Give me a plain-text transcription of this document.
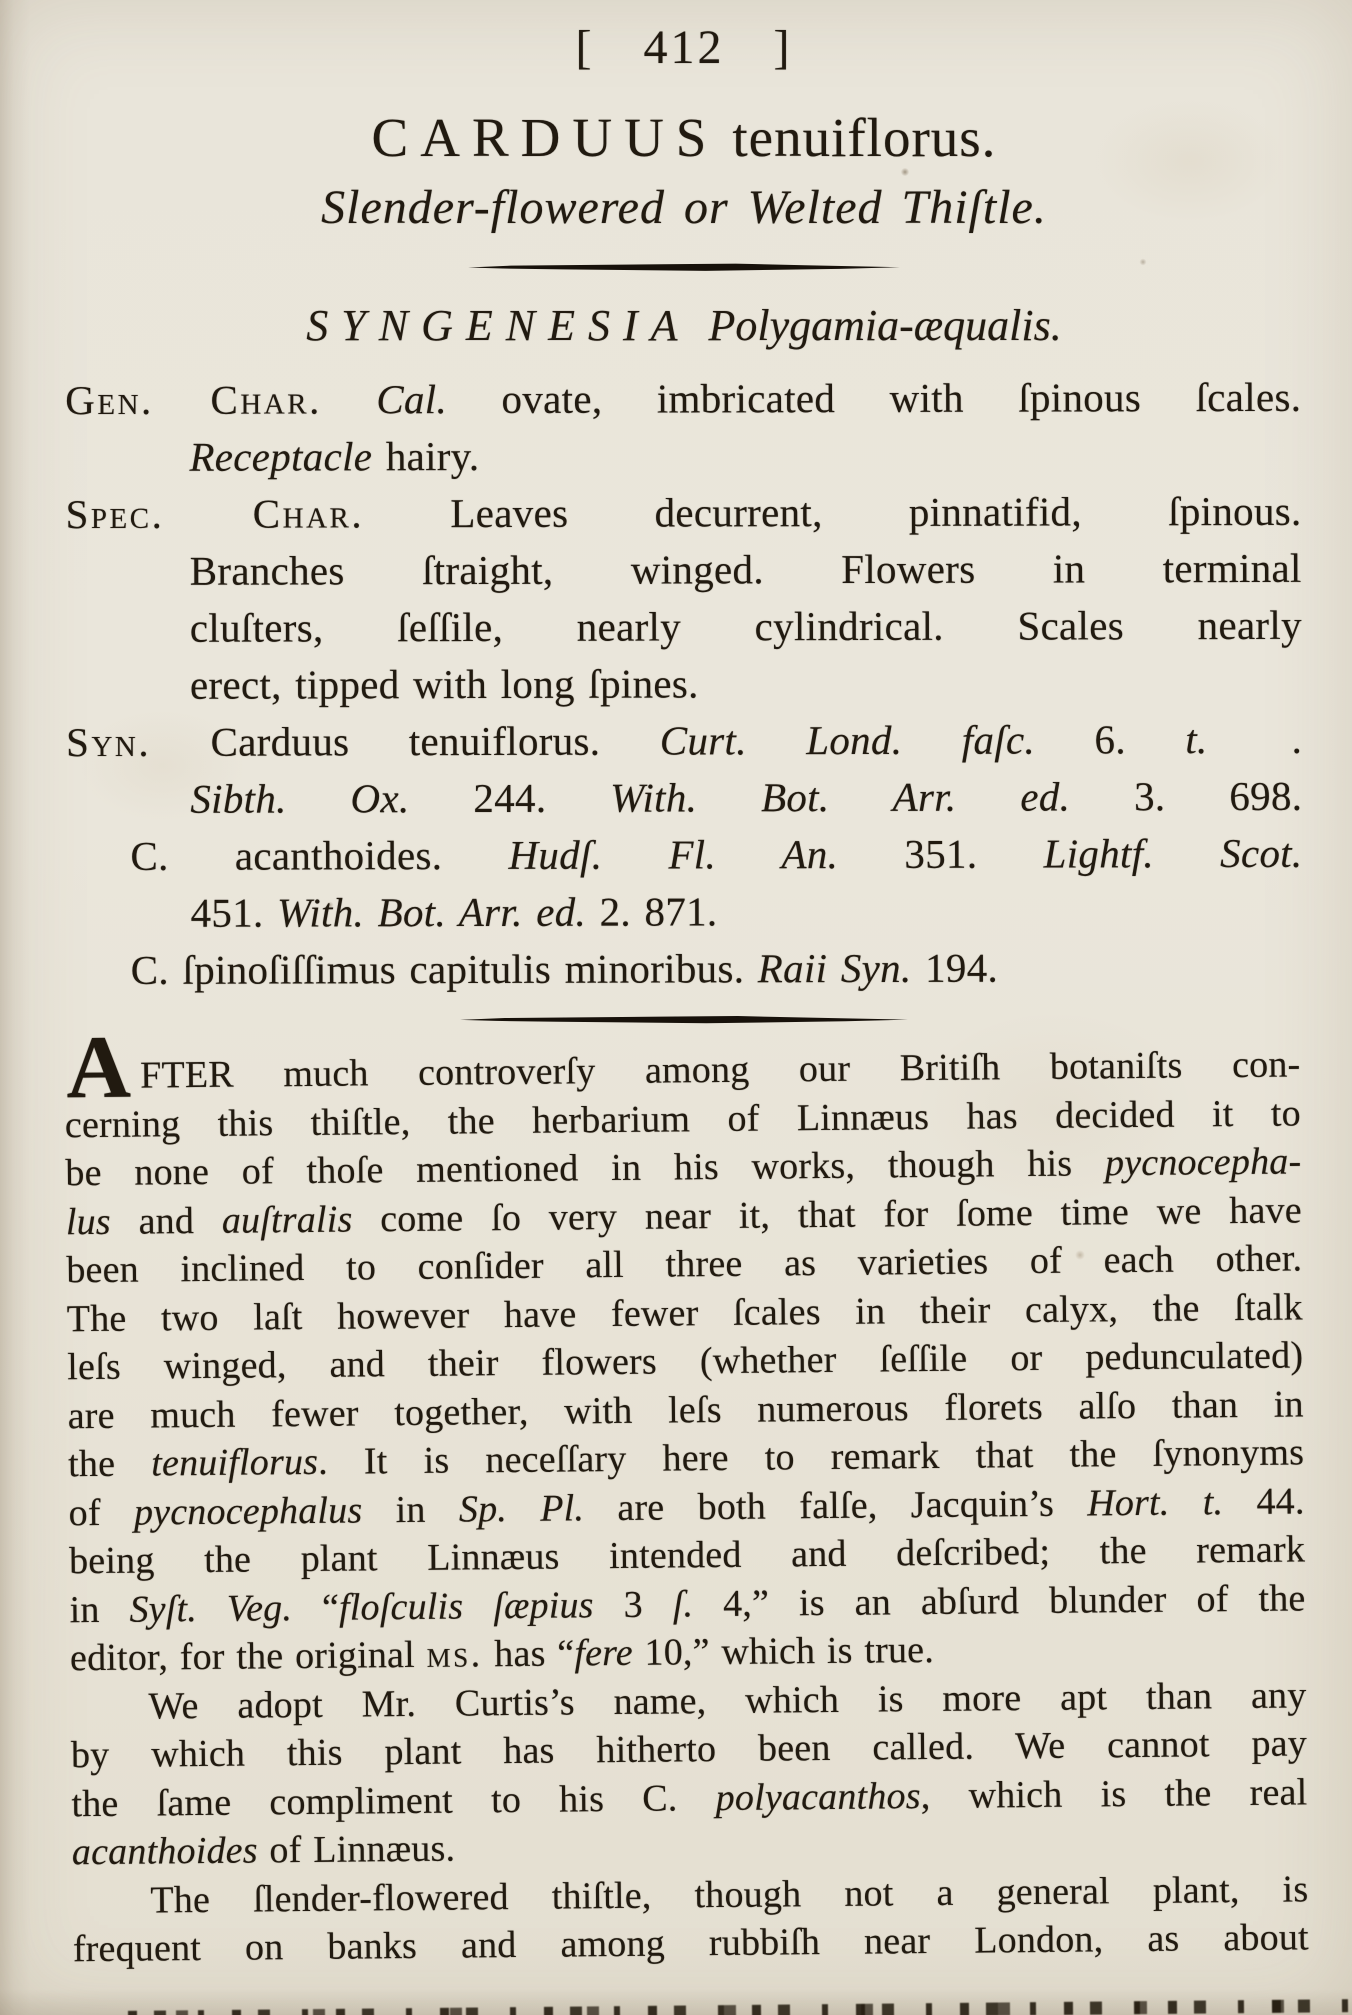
[ 412 ]
CARDUUS tenuiflorus.
Slender-flowered or Welted Thiſtle.
SYNGENESIA Polygamia-æqualis.
Gen. Char. Cal. ovate, imbricated with ſpinous ſcales.
Receptacle hairy.
Spec. Char. Leaves decurrent, pinnatifid, ſpinous.
Branches ſtraight, winged. Flowers in terminal
cluſters, ſeſſile, nearly cylindrical. Scales nearly
erect, tipped with long ſpines.
Syn. Carduus tenuiflorus. Curt. Lond. faſc. 6. t. .
Sibth. Ox. 244. With. Bot. Arr. ed. 3. 698.
C. acanthoides. Hudſ. Fl. An. 351. Lightf. Scot.
451. With. Bot. Arr. ed. 2. 871.
C. ſpinoſiſſimus capitulis minoribus. Raii Syn. 194.
AFTER much controverſy among our Britiſh botaniſts con-
cerning this thiſtle, the herbarium of Linnæus has decided it to
be none of thoſe mentioned in his works, though his pycnocepha-
lus and auſtralis come ſo very near it, that for ſome time we have
been inclined to conſider all three as varieties of each other.
The two laſt however have fewer ſcales in their calyx, the ſtalk
leſs winged, and their flowers (whether ſeſſile or pedunculated)
are much fewer together, with leſs numerous florets alſo than in
the tenuiflorus. It is neceſſary here to remark that the ſynonyms
of pycnocephalus in Sp. Pl. are both falſe, Jacquin’s Hort. t. 44.
being the plant Linnæus intended and deſcribed; the remark
in Syſt. Veg. “floſculis ſæpius 3 ſ. 4,” is an abſurd blunder of the
editor, for the original ms. has “fere 10,” which is true.
We adopt Mr. Curtis’s name, which is more apt than any
by which this plant has hitherto been called. We cannot pay
the ſame compliment to his C. polyacanthos, which is the real
acanthoides of Linnæus.
The ſlender-flowered thiſtle, though not a general plant, is
frequent on banks and among rubbiſh near London, as about
